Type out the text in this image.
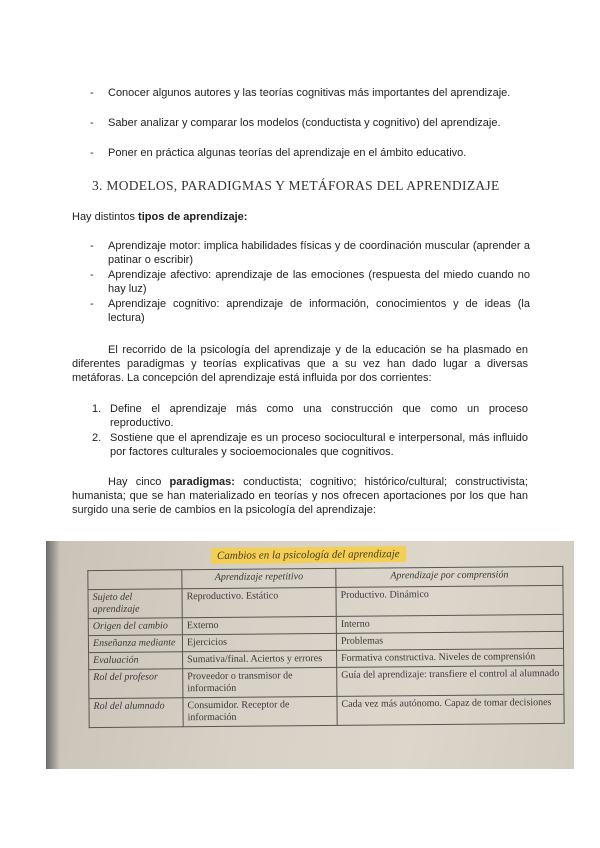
-	Conocer algunos autores y las teorías cognitivas más importantes del aprendizaje.
-	Saber analizar y comparar los modelos (conductista y cognitivo) del aprendizaje.
-	Poner en práctica algunas teorías del aprendizaje en el ámbito educativo.
3. MODELOS, PARADIGMAS Y METÁFORAS DEL APRENDIZAJE
Hay distintos tipos de aprendizaje:
-	Aprendizaje motor: implica habilidades físicas y de coordinación muscular (aprender a patinar o escribir)
-	Aprendizaje afectivo: aprendizaje de las emociones (respuesta del miedo cuando no hay luz)
-	Aprendizaje cognitivo: aprendizaje de información, conocimientos y de ideas (la lectura)
El recorrido de la psicología del aprendizaje y de la educación se ha plasmado en diferentes paradigmas y teorías explicativas que a su vez han dado lugar a diversas metáforas. La concepción del aprendizaje está influida por dos corrientes:
1. Define el aprendizaje más como una construcción que como un proceso reproductivo.
2. Sostiene que el aprendizaje es un proceso sociocultural e interpersonal, más influido por factores culturales y socioemocionales que cognitivos.
Hay cinco paradigmas: conductista; cognitivo; histórico/cultural; constructivista; humanista; que se han materializado en teorías y nos ofrecen aportaciones por los que han surgido una serie de cambios en la psicología del aprendizaje:
Cambios en la psicología del aprendizaje
	Aprendizaje repetitivo	Aprendizaje por comprensión
Sujeto del aprendizaje	Reproductivo. Estático	Productivo. Dinámico
Origen del cambio	Externo	Interno
Enseñanza mediante	Ejercicios	Problemas
Evaluación	Sumativa/final. Aciertos y errores	Formativa constructiva. Niveles de comprensión
Rol del profesor	Proveedor o transmisor de información	Guía del aprendizaje: transfiere el control al alumnado
Rol del alumnado	Consumidor. Receptor de información	Cada vez más autónomo. Capaz de tomar decisiones
